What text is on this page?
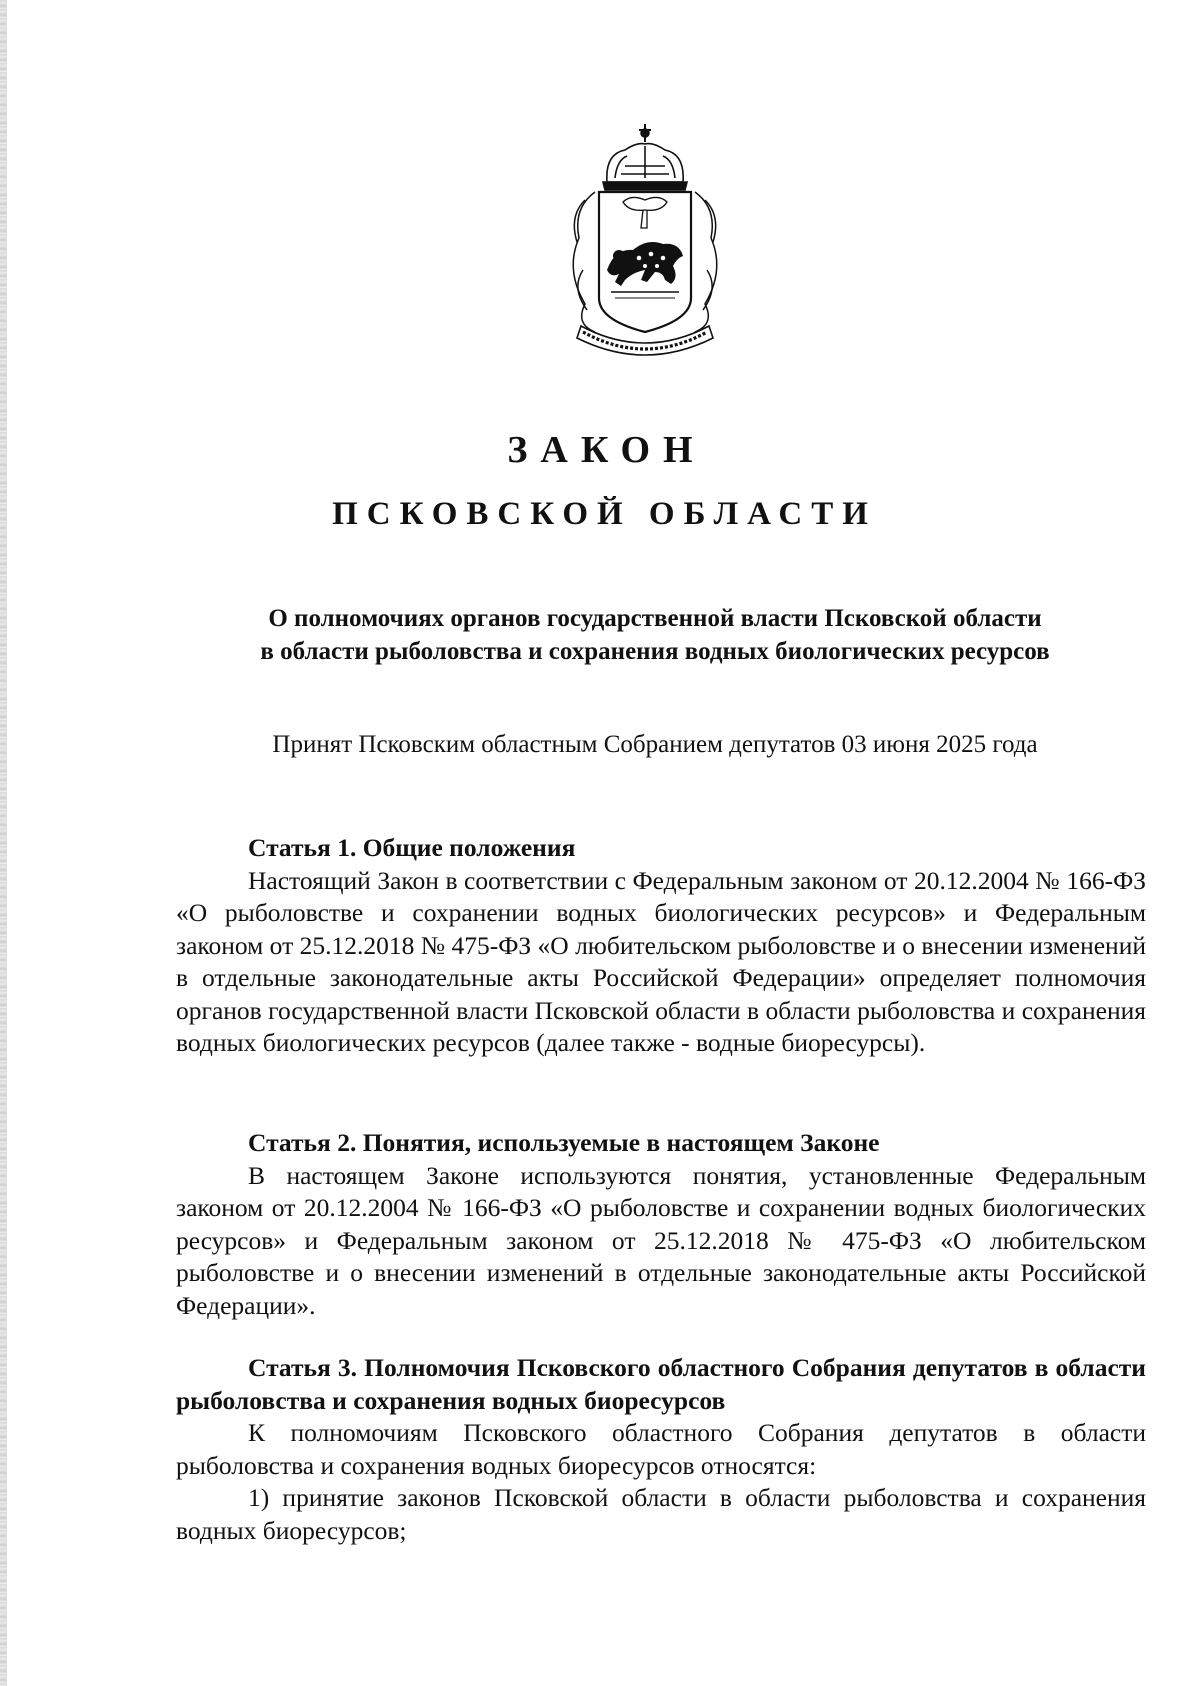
ЗАКОН
ПСКОВСКОЙ ОБЛАСТИ
О полномочиях органов государственной власти Псковской области
в области рыболовства и сохранения водных биологических ресурсов
Принят Псковским областным Собранием депутатов 03 июня 2025 года
Статья 1. Общие положения
Настоящий Закон в соответствии с Федеральным законом от 20.12.2004 № 166-ФЗ «О рыболовстве и сохранении водных биологических ресурсов» и Федеральным законом от 25.12.2018 № 475-ФЗ «О любительском рыболовстве и о внесении изменений в отдельные законодательные акты Российской Федерации» определяет полномочия органов государственной власти Псковской области в области рыболовства и сохранения водных биологических ресурсов (далее также - водные биоресурсы).
Статья 2. Понятия, используемые в настоящем Законе
В настоящем Законе используются понятия, установленные Федеральным законом от 20.12.2004 № 166-ФЗ «О рыболовстве и сохранении водных биологических ресурсов» и Федеральным законом от 25.12.2018 № 475-ФЗ «О любительском рыболовстве и о внесении изменений в отдельные законодательные акты Российской Федерации».
Статья 3. Полномочия Псковского областного Собрания депутатов в области рыболовства и сохранения водных биоресурсов
К полномочиям Псковского областного Собрания депутатов в области рыболовства и сохранения водных биоресурсов относятся:
1) принятие законов Псковской области в области рыболовства и сохранения водных биоресурсов;
